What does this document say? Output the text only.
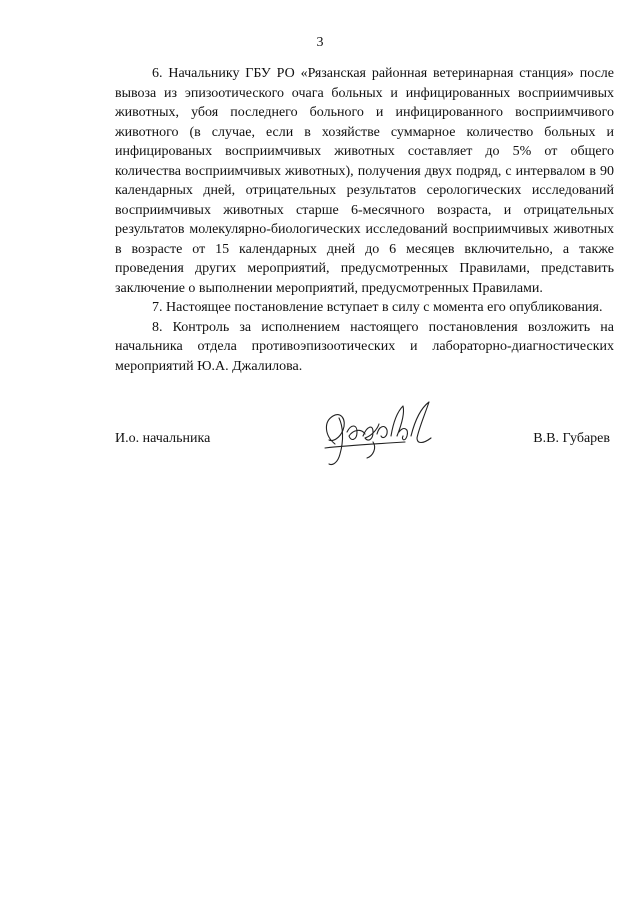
3

6. Начальнику ГБУ РО «Рязанская районная ветеринарная станция» после вывоза из эпизоотического очага больных и инфицированных восприимчивых животных, убоя последнего больного и инфицированного восприимчивого животного (в случае, если в хозяйстве суммарное количество больных и инфицированых восприимчивых животных составляет до 5% от общего количества восприимчивых животных), получения двух подряд, с интервалом в 90 календарных дней, отрицательных результатов серологических исследований восприимчивых животных старше 6-месячного возраста, и отрицательных результатов молекулярно-биологических исследований восприимчивых животных в возрасте от 15 календарных дней до 6 месяцев включительно, а также проведения других мероприятий, предусмотренных Правилами, представить заключение о выполнении мероприятий, предусмотренных Правилами.

7. Настоящее постановление вступает в силу с момента его опубликования.

8. Контроль за исполнением настоящего постановления возложить на начальника отдела противоэпизоотических и лабораторно-диагностических мероприятий Ю.А. Джалилова.

И.о. начальника	В.В. Губарев
